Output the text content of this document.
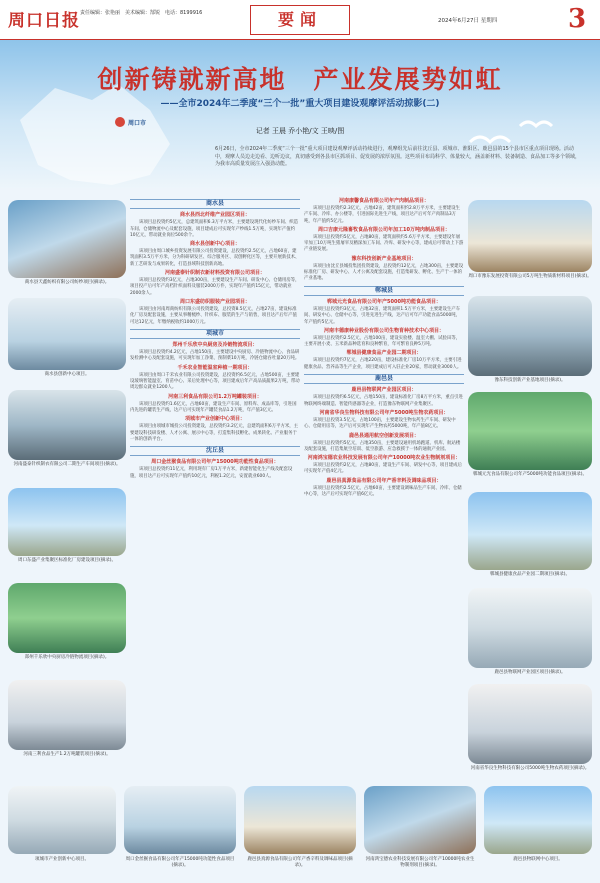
周口日报 责任编辑：张艳丽　美术编辑：郜锐　电话：8199916	要闻	2024年6月27日 星期四	3
周口市
创新铸就新高地　产业发展势如虹
——全市2024年二季度“三个一批”重大项目建设观摩评活动掠影(二)
记者 王晨 乔小艳/文 王映/图
6月26日，全市2024年二季度“三个一批”重大项目建设观摩评活动持续进行，观摩组先后前往沈丘县、项城市、淮阳区、鹿邑县的15个县市区重点项目现场。活动中，观摩人员边走边看、边听边议，真切感受到各县市区抓项目、促发展的浓厚氛围。这些项目布局科学、体量较大，涵盖新材料、装备制造、食品加工等多个领域，为我市高质量发展注入强劲动能。
商水县天鑫纺织有限公司纺纱项目(摘录)。
商水县创新中心项目。
河南盛泰针织制衣有限公司二期生产车间项目(摘录)。
周口东盛产业集聚区标准化厂房建设项目(摘录)。
郑州千乐欣中央厨房冷链物流项目(摘录)。
河南三利食品生产1.2万吨罐装项目(摘录)。
商水县
商水县西北纤维产业园区项目：

该项目总投资约5亿元，总建筑面积6.3万平方米，主要建设现代化纺纱车间、织造车间、仓储物流中心及配套设施，项目建成后可实现年产纱线1.5万吨，实现年产值约10亿元，带动就业岗位500余个。

商水县创新中心项目：

该项目由周口城乡投资发展有限公司投资建设，总投资约2.5亿元，占地60亩，建筑面积3.5万平方米，分为科研研发区、综合服务区、双创孵化区等，主要开展新技术、新工艺研发与成果转化，打造县域科技创新高地。

河南盛泰针织制衣新材料投资有限公司项目：

该项目总投资约3亿元，占地300亩，主要建设生产车间、研发中心、仓储用房等，项目投产后可年产高档针织面料及服装2000万件，实现年产值约15亿元，带动就业2000余人。

周口东盛纺织服装产业园项目：

该项目由河南周商纺织有限公司投资建设，总投资8.5亿元，占地27亩，建设标准化厂房及配套设施，主要从事精梳纱、针织布、服装的生产与销售，项目达产后年产值可达12亿元，年缴纳税收约1000万元。

项城市
郑州千乐欣中央厨房及冷链物流项目：

该项目总投资约4.2亿元，占地150亩，主要建设中央厨房、冷链物流中心、食品研发检测中心及配套设施，可实现年加工净菜、预制菜10万吨，冷链仓储吞吐量20万吨。

千禾农业智能温室种植一期项目：

该项目由周口千禾农业有限公司投资建设，总投资约6.5亿元，占地500亩，主要建设玻璃智能温室、育苗中心、采后处理中心等，项目建成后年产高品质蔬果2万吨，带动周边群众就业1200人。

河南三利食品有限公司1.2万吨罐装项目：

该项目总投资约1.6亿元，占地60亩，建设生产车间、原料库、成品库等，引进国内先进的罐装生产线，达产后可实现年产罐装食品1.2万吨，年产值3亿元。

项城市产业创新中心项目：

该项目由项城市城投公司投资建设，总投资约3.2亿元，总建筑面积6万平方米，主要建设科技研发楼、人才公寓、展示中心等，打造集科技孵化、成果转化、产业服务于一体的创新平台。

沈丘县
周口金丝猴食品有限公司年产15000吨功能性食品项目：

该项目总投资约11亿元，利用现有厂房1万平方米，新建智能化生产线及配套设施，项目达产后可实现年产值约10亿元，利税1.2亿元，安置就业600人。

河南康馨食品有限公司年产肉制品项目：

该项目总投资约2.3亿元，占地42亩，建筑面积约2.8万平方米，主要建设生产车间、冷库、办公楼等，引进国际先进生产线，项目达产后可年产肉制品3万吨，年产值约5亿元。

周口吉康元隆畜牧食品有限公司年加工10万吨肉制品项目：

该项目总投资约5亿元，占地80亩，建筑面积约5.6万平方米，主要建设年屠宰加工10万吨生猪屠宰及精深加工车间、冷库、研发中心等，建成后可带动上下游产业链发展。

豫东科技创新产业基地项目：

该项目由沈丘县城投集团投资建设，总投资约12亿元，占地300亩，主要建设标准化厂房、研发中心、人才公寓及配套设施，打造集研发、孵化、生产于一体的产业基地。

郸城县
郸城元光食品有限公司年产5000吨功能食品项目：

该项目总投资约3亿元，占地32亩，建筑面积1.5万平方米，主要建设生产车间、研发中心、仓储中心等，引进先进生产线，达产后可年产功能食品5000吨，年产值约5亿元。

河南丰德康种业股份有限公司生物育种技术中心项目：

该项目总投资约2.5亿元，占地100亩，建设实验楼、温室大棚、试验田等，主要开展小麦、玉米新品种选育和良种繁育，年可繁育良种5万吨。

郸城县健康食品产业园二期项目：

该项目总投资约7亿元，占地220亩，建设标准化厂房10万平方米，主要引进健康食品、营养品等生产企业，项目建成后可入驻企业20家，带动就业3000人。

鹿邑县
鹿邑县物联网产业园区项目：

该项目总投资约6.5亿元，占地150亩，建设标准化厂房8万平方米，重点引进物联网终端制造、智能传感器等企业，打造豫东物联网产业集聚区。

河南省华良生物科技有限公司年产5000吨生物农药项目：

该项目总投资3.5亿元，占地100亩，主要建设生物农药生产车间、研发中心、仓储用房等，达产后可实现年产生物农药5000吨，年产值8亿元。

鹿邑县通用航空创新发展项目：

该项目总投资约5亿元，占地350亩，主要建设通用机场跑道、机库、航站楼及配套设施，打造集航空培训、低空旅游、应急救援于一体的通航产业园。

河南鸿宝德农业科技发展有限公司年产10000吨农业生物制剂项目：

该项目总投资约2亿元，占地80亩，建设生产车间、研发中心等，项目建成后可实现年产值4亿元。

鹿邑县真源食品有限公司年产香辛料及调味品项目：

该项目总投资约2.5亿元，占地60亩，主要建设调味品生产车间、冷库、仓储中心等，达产后可实现年产值6亿元。

周口市豫东发展投资有限公司5万吨生物质新材料项目(摘录)。
豫东科技创新产业基地项目(摘录)。
郸城元光食品有限公司年产5000吨功能食品项目(摘录)。
郸城县健康食品产业园二期项目(摘录)。
鹿邑县物联网产业园区项目(摘录)。
河南省华良生物科技有限公司5000吨生物农药项目(摘录)。
项城市产业创新中心项目。	周口金丝猴食品有限公司年产15000吨功能性食品项目(摘录)。
鹿邑县真源食品有限公司年产香辛料及调味品项目(摘录)。
河南鸿宝德农业科技发展有限公司年产10000吨农业生物制剂项目(摘录)。
鹿邑县物联网中心项目。
